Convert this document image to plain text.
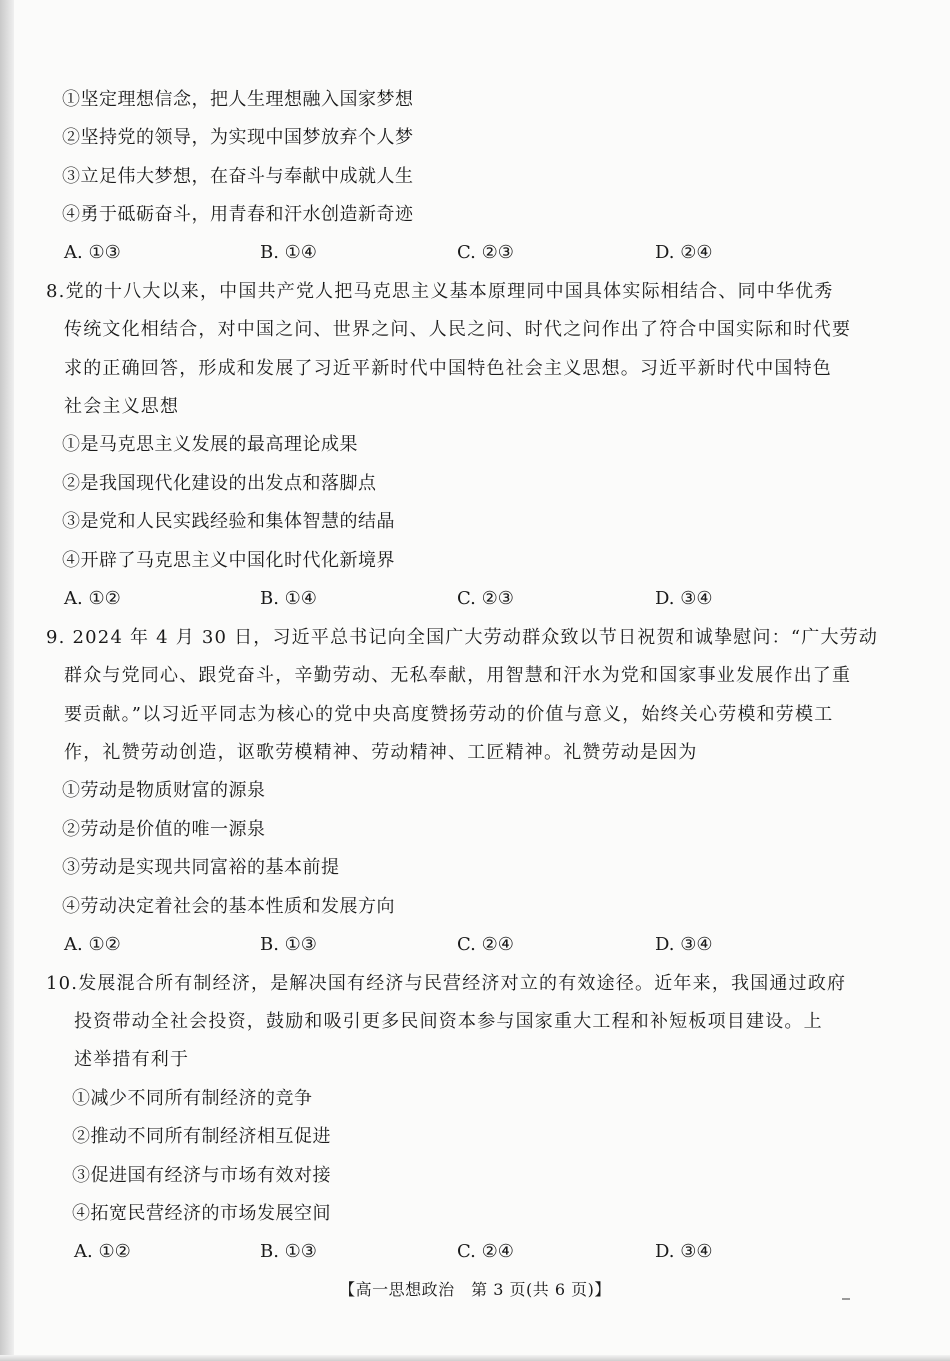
①坚定理想信念，把人生理想融入国家梦想
②坚持党的领导，为实现中国梦放弃个人梦
③立足伟大梦想，在奋斗与奉献中成就人生
④勇于砥砺奋斗，用青春和汗水创造新奇迹
A. ①③	B. ①④	C. ②③	D. ②④
8.党的十八大以来，中国共产党人把马克思主义基本原理同中国具体实际相结合、同中华优秀
传统文化相结合，对中国之问、世界之问、人民之问、时代之问作出了符合中国实际和时代要
求的正确回答，形成和发展了习近平新时代中国特色社会主义思想。习近平新时代中国特色
社会主义思想
①是马克思主义发展的最高理论成果
②是我国现代化建设的出发点和落脚点
③是党和人民实践经验和集体智慧的结晶
④开辟了马克思主义中国化时代化新境界
A. ①②	B. ①④	C. ②③	D. ③④
9. 2024 年 4 月 30 日，习近平总书记向全国广大劳动群众致以节日祝贺和诚挚慰问：“广大劳动
群众与党同心、跟党奋斗，辛勤劳动、无私奉献，用智慧和汗水为党和国家事业发展作出了重
要贡献。”以习近平同志为核心的党中央高度赞扬劳动的价值与意义，始终关心劳模和劳模工
作，礼赞劳动创造，讴歌劳模精神、劳动精神、工匠精神。礼赞劳动是因为
①劳动是物质财富的源泉
②劳动是价值的唯一源泉
③劳动是实现共同富裕的基本前提
④劳动决定着社会的基本性质和发展方向
A. ①②	B. ①③	C. ②④	D. ③④
10.发展混合所有制经济，是解决国有经济与民营经济对立的有效途径。近年来，我国通过政府
投资带动全社会投资，鼓励和吸引更多民间资本参与国家重大工程和补短板项目建设。上
述举措有利于
①减少不同所有制经济的竞争
②推动不同所有制经济相互促进
③促进国有经济与市场有效对接
④拓宽民营经济的市场发展空间
A. ①②	B. ①③	C. ②④	D. ③④
【高一思想政治　第 3 页(共 6 页)】
